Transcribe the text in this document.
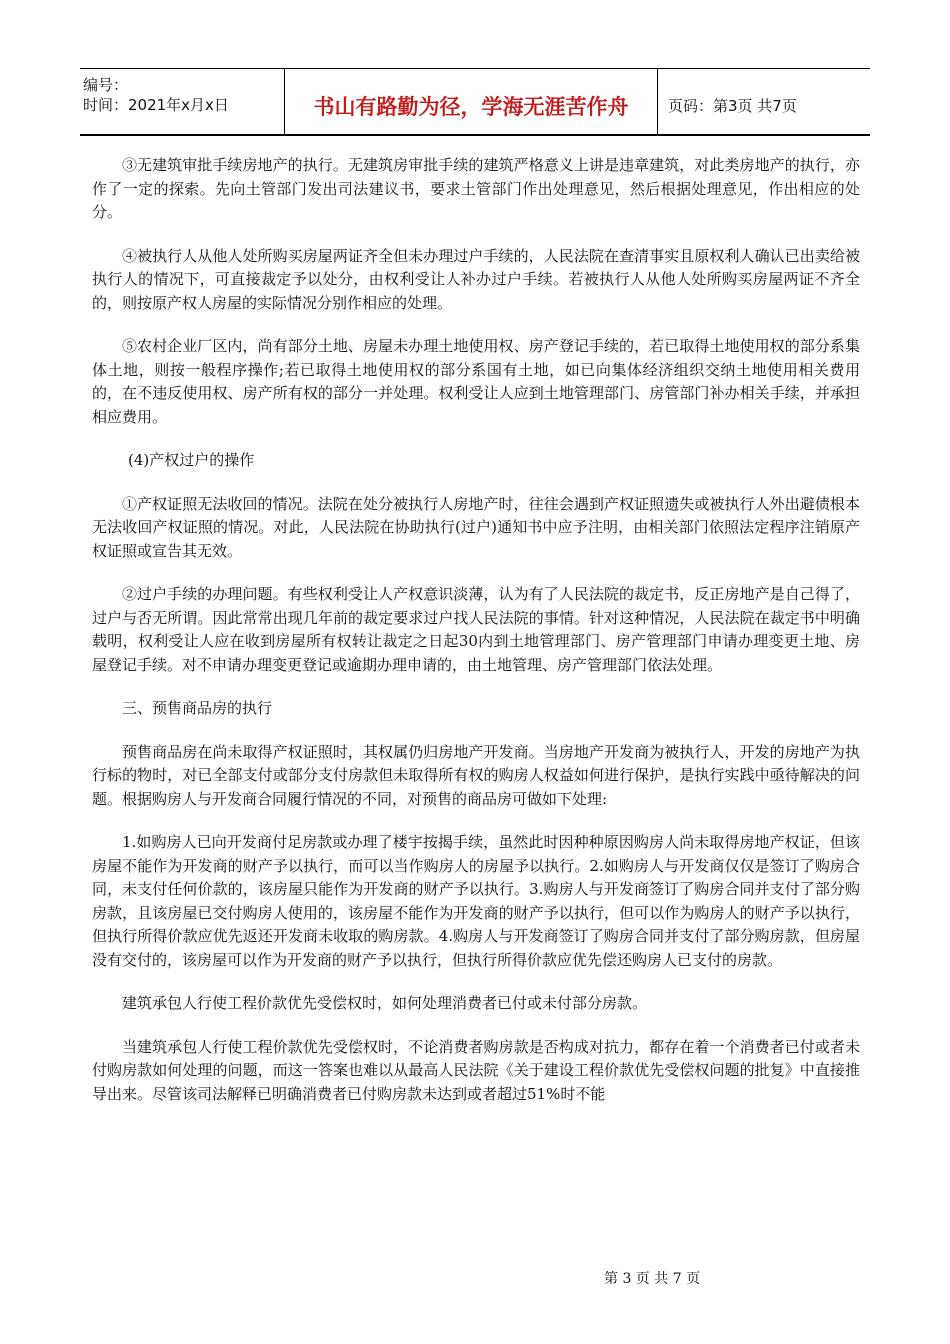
编号：
时间：2021年x月x日	书山有路勤为径，学海无涯苦作舟	页码：第3页 共7页

③无建筑审批手续房地产的执行。无建筑房审批手续的建筑严格意义上讲是违章建筑，对此类房地产的执行，亦作了一定的探索。先向土管部门发出司法建议书，要求土管部门作出处理意见，然后根据处理意见，作出相应的处分。

④被执行人从他人处所购买房屋两证齐全但未办理过户手续的，人民法院在查清事实且原权利人确认已出卖给被执行人的情况下，可直接裁定予以处分，由权利受让人补办过户手续。若被执行人从他人处所购买房屋两证不齐全的，则按原产权人房屋的实际情况分别作相应的处理。

⑤农村企业厂区内，尚有部分土地、房屋未办理土地使用权、房产登记手续的，若已取得土地使用权的部分系集体土地，则按一般程序操作;若已取得土地使用权的部分系国有土地，如已向集体经济组织交纳土地使用相关费用的，在不违反使用权、房产所有权的部分一并处理。权利受让人应到土地管理部门、房管部门补办相关手续，并承担相应费用。

(4)产权过户的操作

①产权证照无法收回的情况。法院在处分被执行人房地产时，往往会遇到产权证照遗失或被执行人外出避债根本无法收回产权证照的情况。对此，人民法院在协助执行(过户)通知书中应予注明，由相关部门依照法定程序注销原产权证照或宣告其无效。

②过户手续的办理问题。有些权利受让人产权意识淡薄，认为有了人民法院的裁定书，反正房地产是自己得了，过户与否无所谓。因此常常出现几年前的裁定要求过户找人民法院的事情。针对这种情况，人民法院在裁定书中明确载明，权利受让人应在收到房屋所有权转让裁定之日起30内到土地管理部门、房产管理部门申请办理变更土地、房屋登记手续。对不申请办理变更登记或逾期办理申请的，由土地管理、房产管理部门依法处理。

三、预售商品房的执行

预售商品房在尚未取得产权证照时，其权属仍归房地产开发商。当房地产开发商为被执行人，开发的房地产为执行标的物时，对已全部支付或部分支付房款但未取得所有权的购房人权益如何进行保护，是执行实践中亟待解决的问题。根据购房人与开发商合同履行情况的不同，对预售的商品房可做如下处理:

1.如购房人已向开发商付足房款或办理了楼宇按揭手续，虽然此时因种种原因购房人尚未取得房地产权证，但该房屋不能作为开发商的财产予以执行，而可以当作购房人的房屋予以执行。2.如购房人与开发商仅仅是签订了购房合同，未支付任何价款的，该房屋只能作为开发商的财产予以执行。3.购房人与开发商签订了购房合同并支付了部分购房款，且该房屋已交付购房人使用的，该房屋不能作为开发商的财产予以执行，但可以作为购房人的财产予以执行，但执行所得价款应优先返还开发商未收取的购房款。4.购房人与开发商签订了购房合同并支付了部分购房款，但房屋没有交付的，该房屋可以作为开发商的财产予以执行，但执行所得价款应优先偿还购房人已支付的房款。

建筑承包人行使工程价款优先受偿权时，如何处理消费者已付或未付部分房款。

当建筑承包人行使工程价款优先受偿权时，不论消费者购房款是否构成对抗力，都存在着一个消费者已付或者未付购房款如何处理的问题，而这一答案也难以从最高人民法院《关于建设工程价款优先受偿权问题的批复》中直接推导出来。尽管该司法解释已明确消费者已付购房款未达到或者超过51%时不能

第 3 页 共 7 页
